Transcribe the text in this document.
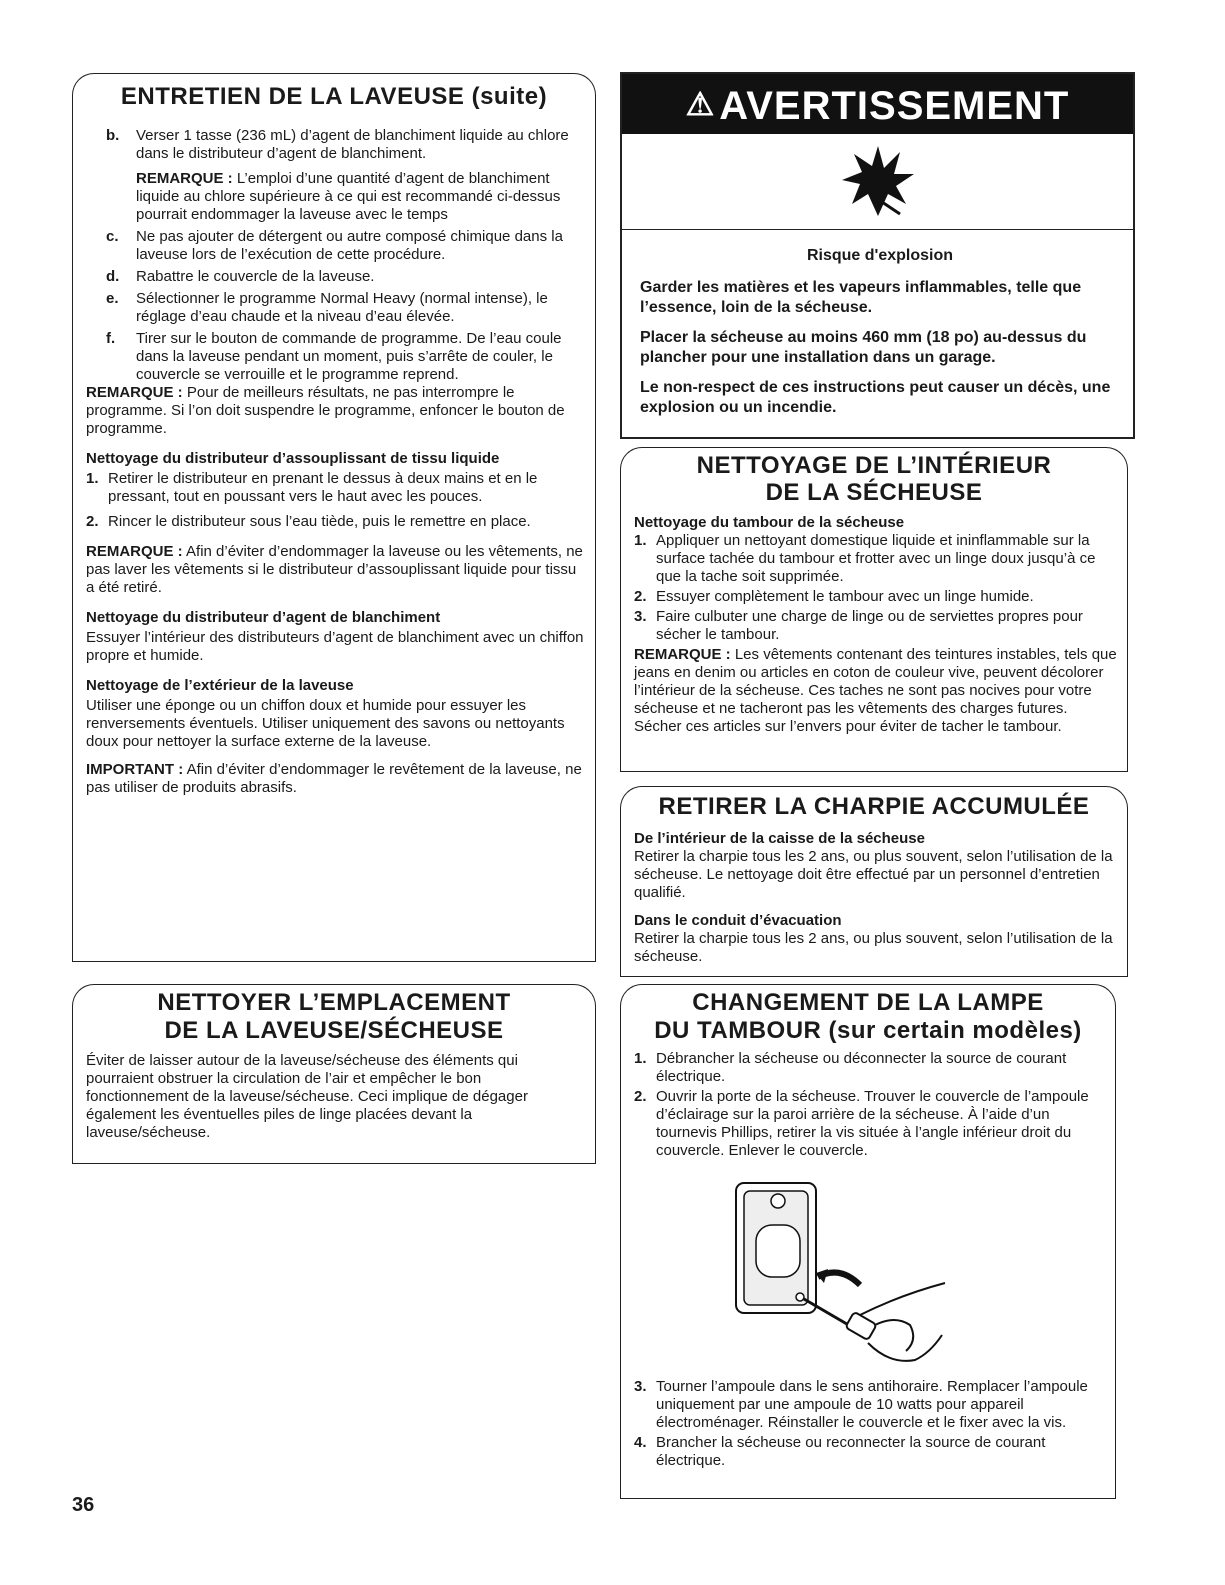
ENTRETIEN DE LA LAVEUSE (suite)
b. Verser 1 tasse (236 mL) d’agent de blanchiment liquide au chlore dans le distributeur d’agent de blanchiment.

REMARQUE : L’emploi d’une quantité d’agent de blanchiment liquide au chlore supérieure à ce qui est recommandé ci-dessus pourrait endommager la laveuse avec le temps

c. Ne pas ajouter de détergent ou autre composé chimique dans la laveuse lors de l’exécution de cette procédure.
d. Rabattre le couvercle de la laveuse.
e. Sélectionner le programme Normal Heavy (normal intense), le réglage d’eau chaude et la niveau d’eau élevée.
f. Tirer sur le bouton de commande de programme. De l’eau coule dans la laveuse pendant un moment, puis s’arrête de couler, le couvercle se verrouille et le programme reprend.

REMARQUE : Pour de meilleurs résultats, ne pas interrompre le programme. Si l’on doit suspendre le programme, enfoncer le bouton de programme.

Nettoyage du distributeur d’assouplissant de tissu liquide

1. Retirer le distributeur en prenant le dessus à deux mains et en le pressant, tout en poussant vers le haut avec les pouces.
2. Rincer le distributeur sous l’eau tiède, puis le remettre en place.

REMARQUE : Afin d’éviter d’endommager la laveuse ou les vêtements, ne pas laver les vêtements si le distributeur d’assouplissant liquide pour tissu a été retiré.

Nettoyage du distributeur d’agent de blanchiment

Essuyer l’intérieur des distributeurs d’agent de blanchiment avec un chiffon propre et humide.

Nettoyage de l’extérieur de la laveuse

Utiliser une éponge ou un chiffon doux et humide pour essuyer les renversements éventuels. Utiliser uniquement des savons ou nettoyants doux pour nettoyer la surface externe de la laveuse.

IMPORTANT : Afin d’éviter d’endommager le revêtement de la laveuse, ne pas utiliser de produits abrasifs.

NETTOYER L’EMPLACEMENT
DE LA LAVEUSE/SÉCHEUSE

Éviter de laisser autour de la laveuse/sécheuse des éléments qui pourraient obstruer la circulation de l’air et empêcher le bon fonctionnement de la laveuse/sécheuse. Ceci implique de dégager également les éventuelles piles de linge placées devant la laveuse/sécheuse.

36
⚠ AVERTISSEMENT

Risque d'explosion

Garder les matières et les vapeurs inflammables, telle que l’essence, loin de la sécheuse.

Placer la sécheuse au moins 460 mm (18 po) au-dessus du plancher pour une installation dans un garage.

Le non-respect de ces instructions peut causer un décès, une explosion ou un incendie.

NETTOYAGE DE L’INTÉRIEUR
DE LA SÉCHEUSE

Nettoyage du tambour de la sécheuse

1. Appliquer un nettoyant domestique liquide et ininflammable sur la surface tachée du tambour et frotter avec un linge doux jusqu’à ce que la tache soit supprimée.
2. Essuyer complètement le tambour avec un linge humide.
3. Faire culbuter une charge de linge ou de serviettes propres pour sécher le tambour.

REMARQUE : Les vêtements contenant des teintures instables, tels que jeans en denim ou articles en coton de couleur vive, peuvent décolorer l’intérieur de la sécheuse. Ces taches ne sont pas nocives pour votre sécheuse et ne tacheront pas les vêtements des charges futures. Sécher ces articles sur l’envers pour éviter de tacher le tambour.

RETIRER LA CHARPIE ACCUMULÉE

De l’intérieur de la caisse de la sécheuse

Retirer la charpie tous les 2 ans, ou plus souvent, selon l’utilisation de la sécheuse. Le nettoyage doit être effectué par un personnel d’entretien qualifié.

Dans le conduit d’évacuation

Retirer la charpie tous les 2 ans, ou plus souvent, selon l’utilisation de la sécheuse.

CHANGEMENT DE LA LAMPE
DU TAMBOUR (sur certain modèles)
1. Débrancher la sécheuse ou déconnecter la source de courant électrique.
2. Ouvrir la porte de la sécheuse. Trouver le couvercle de l’ampoule d’éclairage sur la paroi arrière de la sécheuse. À l’aide d’un tournevis Phillips, retirer la vis située à l’angle inférieur droit du couvercle. Enlever le couvercle.
3. Tourner l’ampoule dans le sens antihoraire. Remplacer l’ampoule uniquement par une ampoule de 10 watts pour appareil électroménager. Réinstaller le couvercle et le fixer avec la vis.
4. Brancher la sécheuse ou reconnecter la source de courant électrique.
